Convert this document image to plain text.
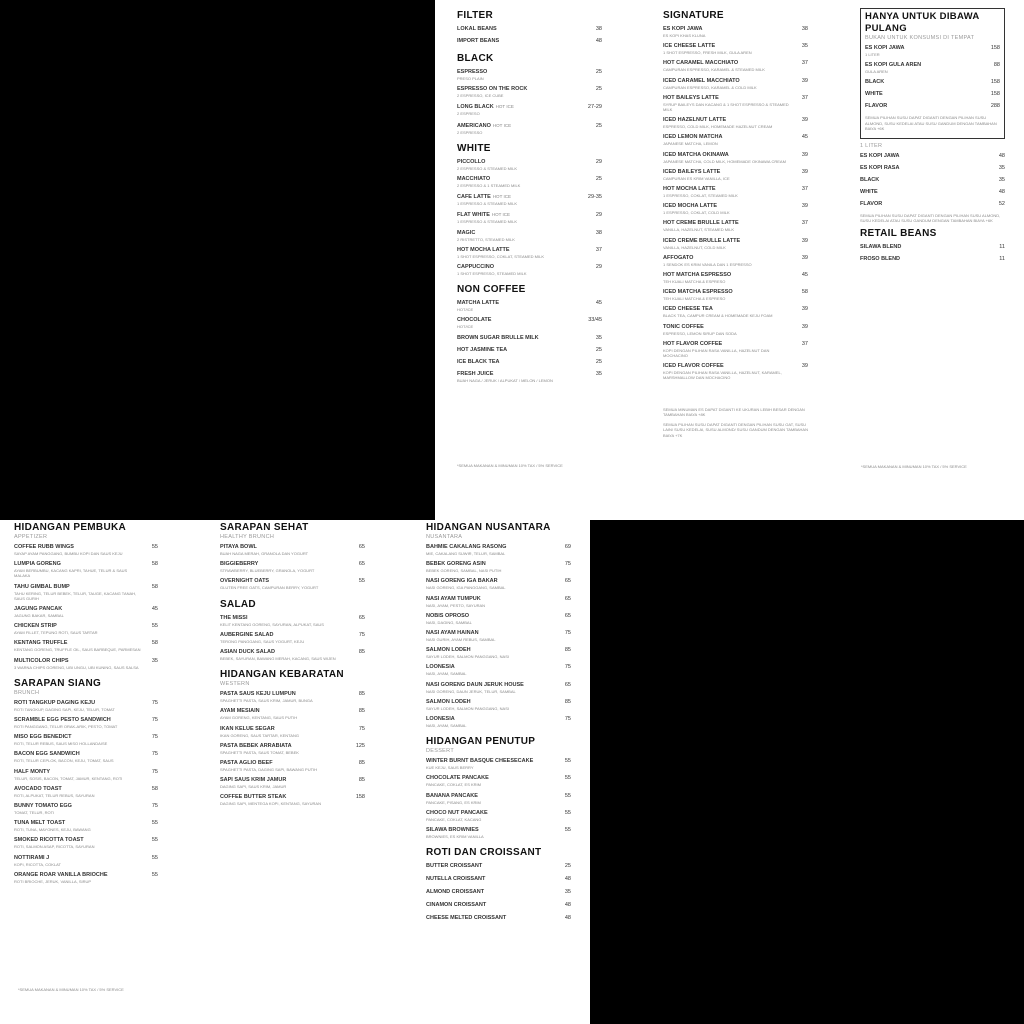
FILTER
LOKAL BEANS	38
IMPORT BEANS	48
BLACK
ESPRESSO	25
PRESO PLAIN
ESPRESSO ON THE ROCK	25
2 ESPRESSO, ICE CUBE
LONG BLACK HOT ICE	27-29
2 ESPRESO
AMERICANO HOT ICE	25
2 ESPRESSO
WHITE
PICCOLLO	29
2 ESPRESSO & STEAMED MILK
MACCHIATO	25
2 ESPRESSO & 1 STEAMED MILK
CAFE LATTE HOT ICE	29-35
1 ESPRESSO & STEAMED MILK
FLAT WHITE HOT ICE	29
1 ESPRESSO & STEAMED MILK
MAGIC	38
2 RISTRETTO, STEAMED MILK
HOT MOCHA LATTE	37
1 SHOT ESPRESSO, COKLAT, STEAMED MILK
CAPPUCCINO	29
1 SHOT ESPRESSO, STEAMED MILK
NON COFFEE
MATCHA LATTE	45
HOT/ICE
CHOCOLATE	33/45
HOT/ICE
BROWN SUGAR BRULLE MILK	35
HOT JASMINE TEA	25
ICE BLACK TEA	25
FRESH JUICE	35
BUAH NAGA / JERUK / ALPUKAT / MELON / LEMON
*SEMUA MAKANAN & MINUMAN 10% TAX / 5% SERVICE
SIGNATURE
ES KOPI JAWA	38
ES KOPI KHAS KLUNA
ICE CHEESE LATTE	35
1 SHOT ESPRESSO, FRESH MILK, GULA AREN
HOT CARAMEL MACCHIATO	37
CAMPURAN ESPRESSO, KARAMEL & STEAMED MILK
ICED CARAMEL MACCHIATO	39
CAMPURAN ESPRESSO, KARAMEL & COLD MILK
HOT BAILEYS LATTE	37
SYRUP BAILEYS DAN KACANG & 1 SHOT ESPRESSO & STEAMED MILK
ICED HAZELNUT LATTE	39
ESPRESSO, COLD MILK, HOMEMADE HAZELNUT CREAM
ICED LEMON MATCHA	45
JAPANESE MATCHA, LEMON
ICED MATCHA OKINAWA	39
JAPANESE MATCHA, COLD MILK, HOMEMADE OKINAWA CREAM
ICED BAILEYS LATTE	39
CAMPURAN ES KRIM VANILLA, ICE
HOT MOCHA LATTE	37
1 ESPRESSO, COKLAT, STEAMED MILK
ICED MOCHA LATTE	39
1 ESPRESSO, COKLAT, COLD MILK
HOT CREME BRULLE LATTE	37
VANILLA, HAZELNUT, STEAMED MILK
ICED CREME BRULLE LATTE	39
VANILLA, HAZELNUT, COLD MILK
AFFOGATO	39
1 SENDOK ES KRIM VANILA DAN 1 ESPRESSO
HOT MATCHA ESPRESSO	45
TEH KUALI MATCHA & ESPRESO
ICED MATCHA ESPRESSO	58
TEH KUALI MATCHA & ESPRESO
ICED CHEESE TEA	39
BLACK TEA, CAMPUR CREAM & HOMEMADE KEJU FOAM
TONIC COFFEE	39
ESPRESSO, LEMON SIRUP DAN SODA
HOT FLAVOR COFFEE	37
KOPI DENGAN PILIHAN RASA VANILLA, HAZELNUT DAN MOCHACINO
ICED FLAVOR COFFEE	39
KOPI DENGAN PILIHAN RASA VANILLA, HAZELNUT, KARAMEL, MARSHMALLOW DAN MOCHACINO
SEMUA MINUMAN ES DAPAT DIGANTI KE UKURAN LEBIH BESAR DENGAN TAMBAHAN BIAYA +8K
SEMUA PILIHAN SUSU DAPAT DIGANTI DENGAN PILIHAN SUSU OAT, SUSU LAIN/ SUSU KEDELAI, SUSU ALMOND/ SUSU GANDUM DENGAN TAMBAHAN BIAYA +7K
HANYA UNTUK DIBAWA PULANG
BUKAN UNTUK KONSUMSI DI TEMPAT
ES KOPI JAWA	158
1 LITER
ES KOPI GULA AREN	88
GULA AREN
BLACK	158
WHITE	158
FLAVOR	288
SEMUA PILIHAN SUSU DAPAT DIGANTI DENGAN PILIHAN SUSU ALMOND, SUSU KEDELAI ATAU SUSU GANDUM DENGAN TAMBAHAN BIAYA +6K
1 LITER
ES KOPI JAWA	48
ES KOPI RASA	35
BLACK	35
WHITE	48
FLAVOR	52
SEMUA PILIHAN SUSU DAPAT DIGANTI DENGAN PILIHAN SUSU ALMOND, SUSU KEDELAI ATAU SUSU GANDUM DENGAN TAMBAHAN BIAYA +6K
RETAIL BEANS
SILAWA BLEND	11
FROSO BLEND	11
*SEMUA MAKANAN & MINUMAN 10% TAX / 5% SERVICE
HIDANGAN PEMBUKA
APPETIZER
COFFEE RUBB WINGS	55
SAYAP AYAM PANGGANG, BUMBU KOPI DAN SAUS KEJU
LUMPIA GORENG	58
AYAM BERBUMBU, KACANG KAPRI, TAHUE, TELUR & SAUS MALAKA
TAHU GIMBAL BUMP	58
TAHU KERING, TELUR BEBEK, TELUR, TAUGE, KACANG TANAH, SAUS GURIH
JAGUNG PANCAK	45
JAGUNG BAKAR, SAMBAL
CHICKEN STRIP	55
AYAM FILLET, TEPUNG ROTI, SAUS TARTAR
KENTANG TRUFFLE	58
KENTANG GORENG, TRUFFLE OIL, SAUS BARBEQUE, PARMESAN
MULTICOLOR CHIPS	35
3 WARNA CHIPS GORENG, UBI UNGU, UBI KUNING, SAUS SALSA
SARAPAN SIANG
BRUNCH
ROTI TANGKUP DAGING KEJU	75
ROTI TANGKUP, DAGING SAPI, KEJU, TELUR, TOMAT
SCRAMBLE EGG PESTO SANDWICH	75
ROTI PANGGANG, TELUR ORAK-ARIK, PESTO, TOMAT
MISO EGG BENEDICT	75
ROTI, TELUR REBUS, SAUS MISO HOLLANDAISE
BACON EGG SANDWICH	75
ROTI, TELUR CEPLOK, BACON, KEJU, TOMAT, SAUS
HALF MONTY	75
TELUR, SOSIS, BACON, TOMAT, JAMUR, KENTANG, ROTI
AVOCADO TOAST	58
ROTI, ALPUKAT, TELUR REBUS, SAYURAN
BUNNY TOMATO EGG	75
TOMAT, TELUR, ROTI
TUNA MELT TOAST	55
ROTI, TUNA, MAYONES, KEJU, BAWANG
SMOKED RICOTTA TOAST	55
ROTI, SALMON ASAP, RICOTTA, SAYURAN
NOTTIRAMI J	55
KOPI, RICOTTA, COKLAT
ORANGE ROAR VANILLA BRIOCHE	55
ROTI BRIOCHE, JERUK, VANILLA, SIRUP
*SEMUA MAKANAN & MINUMAN 10% TAX / 5% SERVICE
SARAPAN SEHAT
HEALTHY BRUNCH
PITAYA BOWL	65
BUAH NAGA MERAH, GRANOLA DAN YOGURT
BIGGIEBERRY	65
STRAWBERRY, BLUEBERRY, GRANOLA, YOGURT
OVERNIGHT OATS	55
GLUTEN FREE OATS, CAMPURAN BERRY, YOGURT
SALAD
THE MISSI	65
KELIT KENTANG GORENG, SAYURAN, ALPUKAT, SAUS
AUBERGINE SALAD	75
TERONG PANGGANG, SAUS YOGURT, KEJU
ASIAN DUCK SALAD	85
BEBEK, SAYURAN, BAWANG MERAH, KACANG, SAUS WIJEN
HIDANGAN KEBARATAN
WESTERN
PASTA SAUS KEJU LUMPUN	85
SPAGHETTI PASTA, SAUS KRIM, JAMUR, BUNGA
AYAM MESIAIN	85
AYAM GORENG, KENTANG, SAUS PUTIH
IKAN KELUE SEGAR	75
IKAN GORENG, SAUS TARTAR, KENTANG
PASTA BEBEK ARRABIATA	125
SPAGHETTI PASTA, SAUS TOMAT, BEBEK
PASTA AGLIO BEEF	85
SPAGHETTI PASTA, DAGING SAPI, BAWANG PUTIH
SAPI SAUS KRIM JAMUR	85
DAGING SAPI, SAUS KRIM, JAMUR
COFFEE BUTTER STEAK	158
DAGING SAPI, MENTEGA KOPI, KENTANG, SAYURAN
HIDANGAN NUSANTARA
NUSANTARA
BAHMIE CAKALANG RASONG	69
MIE, CAKALANG SUWIR, TELUR, SAMBAL
BEBEK GORENG ASIN	75
BEBEK GORENG, SAMBAL, NASI PUTIH
NASI GORENG IGA BAKAR	65
NASI GORENG, IGA PANGGANG, SAMBAL
NASI AYAM TUMPUK	65
NASI, AYAM, PESTO, SAYURAN
NOBIS OPROSO	65
NASI, DAGING, SAMBAL
NASI AYAM HAINAN	75
NASI GURIH, AYAM REBUS, SAMBAL
SALMON LODEH	85
SAYUR LODEH, SALMON PANGGANG, NASI
LOONESIA	75
NASI, AYAM, SAMBAL
NASI GORENG DAUN JERUK HOUSE	65
NASI GORENG, DAUN JERUK, TELUR, SAMBAL
SALMON LODEH	85
SAYUR LODEH, SALMON PANGGANG, NASI
LOONESIA	75
NASI, AYAM, SAMBAL
HIDANGAN PENUTUP
DESSERT
WINTER BURNT BASQUE CHEESECAKE	55
KUE KEJU, SAUS BERRY
CHOCOLATE PANCAKE	55
PANCAKE, COKLAT, ES KRIM
BANANA PANCAKE	55
PANCAKE, PISANG, ES KRIM
CHOCO NUT PANCAKE	55
PANCAKE, COKLAT, KACANG
SILAWA BROWNIES	55
BROWNIES, ES KRIM VANILLA
ROTI DAN CROISSANT
BUTTER CROISSANT	25
NUTELLA CROISSANT	48
ALMOND CROISSANT	35
CINAMON CROISSANT	48
CHEESE MELTED CROISSANT	48
